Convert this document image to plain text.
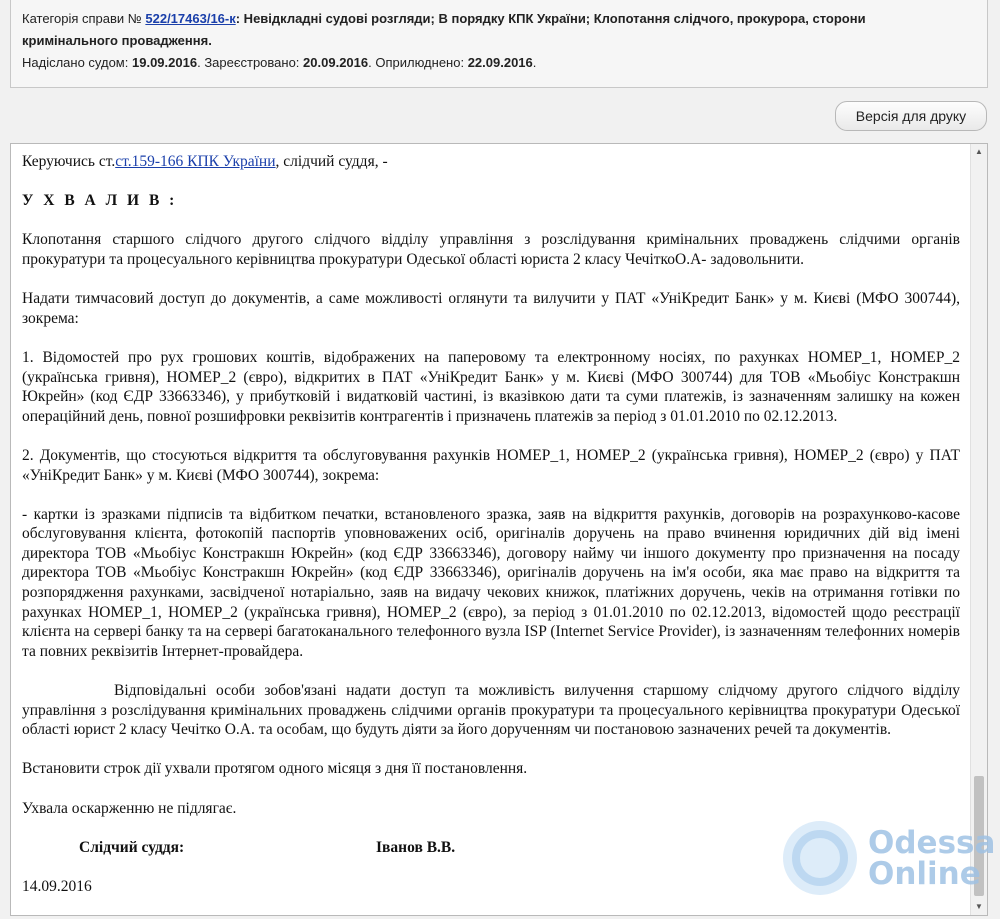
Категорія справи № 522/17463/16-к: Невідкладні судові розгляди; В порядку КПК України; Клопотання слідчого, прокурора, сторони
кримінального провадження.
Надіслано судом: 19.09.2016. Зареєстровано: 20.09.2016. Оприлюднено: 22.09.2016.
Версія для друку

Керуючись ст.ст.159-166 КПК України, слідчий суддя, -

У Х В А Л И В :

Клопотання старшого слідчого другого слідчого відділу управління з розслідування кримінальних проваджень слідчими органів прокуратури та процесуального керівництва прокуратури Одеської області юриста 2 класу ЧечіткоО.А- задовольнити.

Надати тимчасовий доступ до документів, а саме можливості оглянути та вилучити у ПАТ «УніКредит Банк» у м. Києві (МФО 300744), зокрема:

1. Відомостей про рух грошових коштів, відображених на паперовому та електронному носіях, по рахунках НОМЕР_1, НОМЕР_2 (українська гривня), НОМЕР_2 (євро), відкритих в ПАТ «УніКредит Банк» у м. Києві (МФО 300744) для ТОВ «Мьобіус Констракшн Юкрейн» (код ЄДР 33663346), у прибутковій і видатковій частині, із вказівкою дати та суми платежів, із зазначенням залишку на кожен операційний день, повної розшифровки реквізитів контрагентів і призначень платежів за період з 01.01.2010 по 02.12.2013.

2. Документів, що стосуються відкриття та обслуговування рахунків НОМЕР_1, НОМЕР_2 (українська гривня), НОМЕР_2 (євро) у ПАТ «УніКредит Банк» у м. Києві (МФО 300744), зокрема:

- картки із зразками підписів та відбитком печатки, встановленого зразка, заяв на відкриття рахунків, договорів на розрахунково-касове обслуговування клієнта, фотокопій паспортів уповноважених осіб, оригіналів доручень на право вчинення юридичних дій від імені директора ТОВ «Мьобіус Констракшн Юкрейн» (код ЄДР 33663346), договору найму чи іншого документу про призначення на посаду директора ТОВ «Мьобіус Констракшн Юкрейн» (код ЄДР 33663346), оригіналів доручень на ім'я особи, яка має право на відкриття та розпорядження рахунками, засвідченої нотаріально, заяв на видачу чекових книжок, платіжних доручень, чеків на отримання готівки по рахунках НОМЕР_1, НОМЕР_2 (українська гривня), НОМЕР_2 (євро), за період з 01.01.2010 по 02.12.2013, відомостей щодо реєстрації клієнта на сервері банку та на сервері багатоканального телефонного вузла ISP (Internet Service Provider), із зазначенням телефонних номерів та повних реквізитів Інтернет-провайдера.

Відповідальні особи зобов'язані надати доступ та можливість вилучення старшому слідчому другого слідчого відділу управління з розслідування кримінальних проваджень слідчими органів прокуратури та процесуального керівництва прокуратури Одеської області юрист 2 класу Чечітко О.А. та особам, що будуть діяти за його дорученням чи постановою зазначених речей та документів.

Встановити строк дії ухвали протягом одного місяця з дня її постановлення.

Ухвала оскарженню не підлягає.

Слідчий суддя:	Іванов В.В.

14.09.2016

▲
▼
Odessa
Online
